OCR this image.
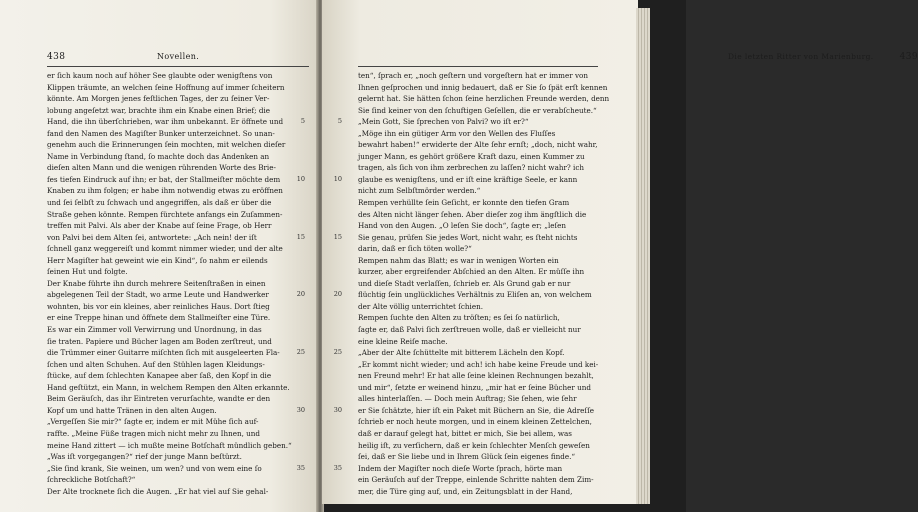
438	Novellen.
er ſich kaum noch auf höher See glaubte oder wenigſtens von
Klippen träumte, an welchen ſeine Hoffnung auf immer ſcheitern
könnte. Am Morgen jenes feſtlichen Tages, der zu ſeiner Ver-
lobung angeſetzt war, brachte ihm ein Knabe einen Brief; die
Hand, die ihn überſchrieben, war ihm unbekannt. Er öffnete und
fand den Namen des Magiſter Bunker unterzeichnet. So unan-
genehm auch die Erinnerungen ſein mochten, mit welchen dieſer
Name in Verbindung ſtand, ſo machte doch das Andenken an
dieſen alten Mann und die wenigen rührenden Worte des Brie-
fes tiefen Eindruck auf ihn; er bat, der Stallmeiſter möchte dem
Knaben zu ihm folgen; er habe ihm notwendig etwas zu eröffnen
und ſei ſelbſt zu ſchwach und angegriffen, als daß er über die
Straße gehen könnte. Rempen fürchtete anfangs ein Zuſammen-
treffen mit Palvi. Als aber der Knabe auf ſeine Frage, ob Herr
von Palvi bei dem Alten ſei, antwortete: „Ach nein! der iſt
ſchnell ganz weggereiſt und kommt nimmer wieder, und der alte
Herr Magiſter hat geweint wie ein Kind“, ſo nahm er eilends
ſeinen Hut und folgte.
Der Knabe führte ihn durch mehrere Seitenſtraßen in einen
abgelegenen Teil der Stadt, wo arme Leute und Handwerker
wohnten, bis vor ein kleines, aber reinliches Haus. Dort ſtieg
er eine Treppe hinan und öffnete dem Stallmeiſter eine Türe.
Es war ein Zimmer voll Verwirrung und Unordnung, in das
ſie traten. Papiere und Bücher lagen am Boden zerſtreut, und
die Trümmer einer Guitarre miſchten ſich mit ausgeleerten Fla-
ſchen und alten Schuhen. Auf den Stühlen lagen Kleidungs-
ſtücke, auf dem ſchlechten Kanapee aber ſaß, den Kopf in die
Hand geſtützt, ein Mann, in welchem Rempen den Alten erkannte.
Beim Geräuſch, das ihr Eintreten verurſachte, wandte er den
Kopf um und hatte Tränen in den alten Augen.
„Vergeſſen Sie mir?“ ſagte er, indem er mit Mühe ſich auf-
raffte. „Meine Füße tragen mich nicht mehr zu Ihnen, und
meine Hand zittert — ich mußte meine Botſchaft mündlich geben.“
„Was iſt vorgegangen?“ rief der junge Mann beſtürzt.
„Sie ſind krank, Sie weinen, um wen? und von wem eine ſo
ſchreckliche Botſchaft?“
Der Alte trocknete ſich die Augen. „Er hat viel auf Sie gehal-
5
10
15
20
25
30
35
Die letzten Ritter von Marienburg.	439
ten“, ſprach er, „noch geſtern und vorgeſtern hat er immer von
Ihnen geſprochen und innig bedauert, daß er Sie ſo ſpät erſt kennen
gelernt hat. Sie hätten ſchon ſeine herzlichen Freunde werden, denn
Sie ſind keiner von den ſchuftigen Geſellen, die er verabſcheute.“
„Mein Gott, Sie ſprechen von Palvi? wo iſt er?“
„Möge ihn ein gütiger Arm vor den Wellen des Fluſſes
bewahrt haben!“ erwiderte der Alte ſehr ernſt; „doch, nicht wahr,
junger Mann, es gehört größere Kraft dazu, einen Kummer zu
tragen, als ſich von ihm zerbrechen zu laſſen? nicht wahr? ich
glaube es wenigſtens, und er iſt eine kräftige Seele, er kann
nicht zum Selbſtmörder werden.“
Rempen verhüllte ſein Geſicht, er konnte den tiefen Gram
des Alten nicht länger ſehen. Aber dieſer zog ihm ängſtlich die
Hand von den Augen. „O leſen Sie doch“, ſagte er; „leſen
Sie genau, prüfen Sie jedes Wort, nicht wahr, es ſteht nichts
darin, daß er ſich töten wolle?“
Rempen nahm das Blatt; es war in wenigen Worten ein
kurzer, aber ergreifender Abſchied an den Alten. Er müſſe ihn
und dieſe Stadt verlaſſen, ſchrieb er. Als Grund gab er nur
flüchtig ſein unglückliches Verhältnis zu Eliſen an, von welchem
der Alte völlig unterrichtet ſchien.
Rempen ſuchte den Alten zu tröſten; es ſei ſo natürlich,
ſagte er, daß Palvi ſich zerſtreuen wolle, daß er vielleicht nur
eine kleine Reiſe mache.
„Aber der Alte ſchüttelte mit bitterem Lächeln den Kopf.
„Er kommt nicht wieder; und ach! ich habe keine Freude und kei-
nen Freund mehr! Er hat alle ſeine kleinen Rechnungen bezahlt,
und mir“, ſetzte er weinend hinzu, „mir hat er ſeine Bücher und
alles hinterlaſſen. — Doch mein Auftrag; Sie ſehen, wie ſehr
er Sie ſchätzte, hier iſt ein Paket mit Büchern an Sie, die Adreſſe
ſchrieb er noch heute morgen, und in einem kleinen Zettelchen,
daß er darauf gelegt hat, bittet er mich, Sie bei allem, was
heilig iſt, zu verſichern, daß er kein ſchlechter Menſch geweſen
ſei, daß er Sie liebe und in Ihrem Glück ſein eigenes finde.“
Indem der Magiſter noch dieſe Worte ſprach, hörte man
ein Geräuſch auf der Treppe, einlende Schritte nahten dem Zim-
mer, die Türe ging auf, und, ein Zeitungsblatt in der Hand,
5
10
15
20
25
30
35
